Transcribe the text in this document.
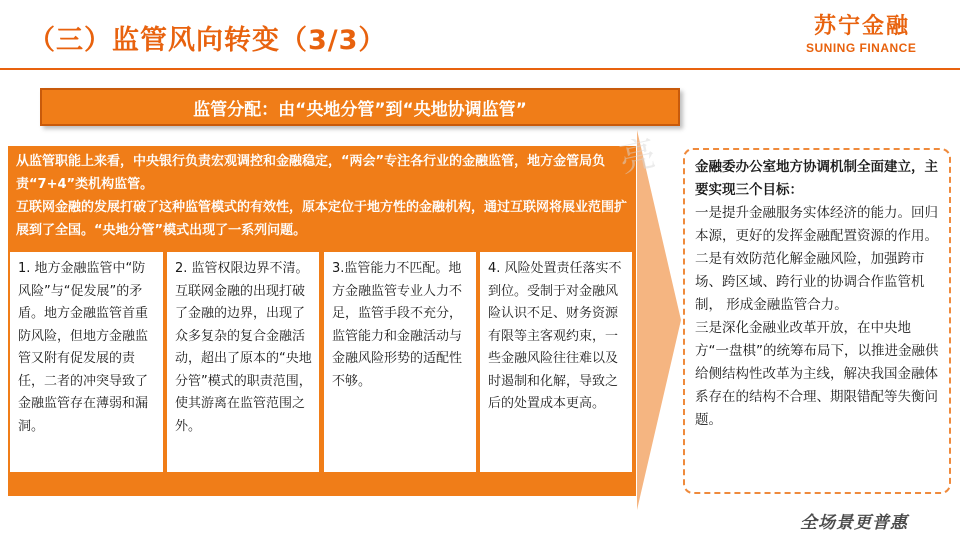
（三）监管风向转变（3/3）	苏宁金融
SUNING FINANCE
监管分配：由“央地分管”到“央地协调监管”

从监管职能上来看，中央银行负责宏观调控和金融稳定，“两会”专注各行业的金融监管，地方金管局负责“7+4”类机构监管。

互联网金融的发展打破了这种监管模式的有效性，原本定位于地方性的金融机构，通过互联网将展业范围扩展到了全国。“央地分管”模式出现了一系列问题。

1. 地方金融监管中“防风险”与“促发展”的矛盾。地方金融监管首重防风险，但地方金融监管又附有促发展的责任，二者的冲突导致了金融监管存在薄弱和漏洞。
2. 监管权限边界不清。互联网金融的出现打破了金融的边界，出现了众多复杂的复合金融活动，超出了原本的“央地分管”模式的职责范围，使其游离在监管范围之外。
3.监管能力不匹配。地方金融监管专业人力不足，监管手段不充分，监管能力和金融活动与金融风险形势的适配性不够。
4. 风险处置责任落实不到位。受制于对金融风险认识不足、财务资源有限等主客观约束，一些金融风险往往难以及时遏制和化解，导致之后的处置成本更高。
亮	金融委办公室地方协调机制全面建立，主要实现三个目标：

一是提升金融服务实体经济的能力。回归本源，更好的发挥金融配置资源的作用。

二是有效防范化解金融风险，加强跨市场、跨区域、跨行业的协调合作监管机制， 形成金融监管合力。

三是深化金融业改革开放，在中央地方“一盘棋”的统筹布局下，以推进金融供给侧结构性改革为主线，解决我国金融体系存在的结构不合理、期限错配等失衡问题。

全场景更普惠
